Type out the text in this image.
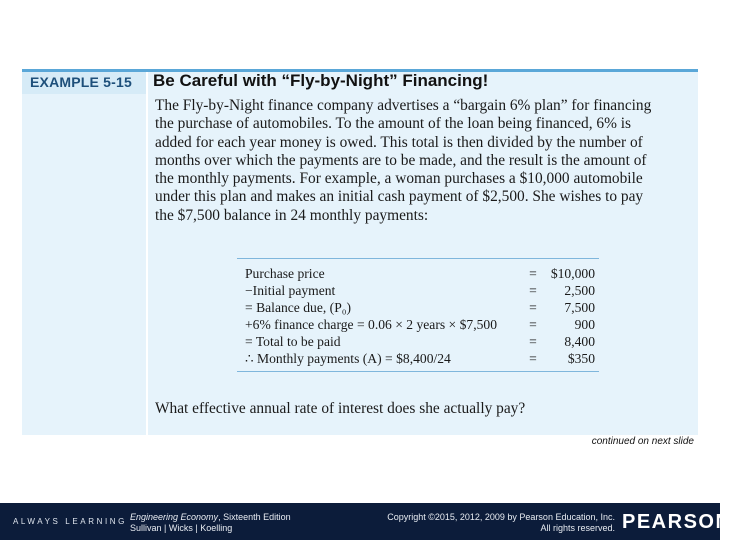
EXAMPLE 5-15 Be Careful with “Fly-by-Night” Financing!
The Fly-by-Night finance company advertises a “bargain 6% plan” for financing
the purchase of automobiles. To the amount of the loan being financed, 6% is
added for each year money is owed. This total is then divided by the number of
months over which the payments are to be made, and the result is the amount of
the monthly payments. For example, a woman purchases a $10,000 automobile
under this plan and makes an initial cash payment of $2,500. She wishes to pay
the $7,500 balance in 24 monthly payments:
Purchase price	=	$10,000
−Initial payment	=	2,500
= Balance due, (P₀)	=	7,500
+6% finance charge = 0.06 × 2 years × $7,500	=	900
= Total to be paid	=	8,400
∴ Monthly payments (A) = $8,400/24	=	$350
What effective annual rate of interest does she actually pay?
continued on next slide
ALWAYS LEARNING Engineering Economy, Sixteenth Edition
Sullivan | Wicks | Koelling
Copyright ©2015, 2012, 2009 by Pearson Education, Inc.
All rights reserved. PEARSON
